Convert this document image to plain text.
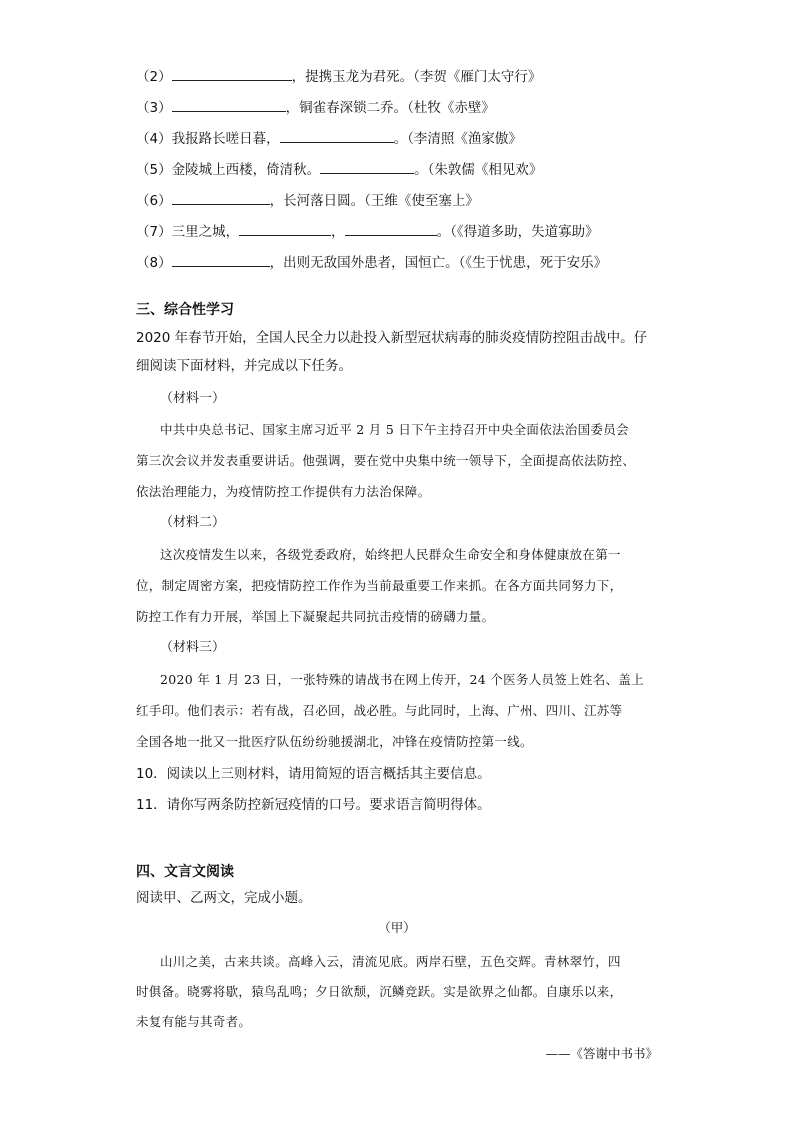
（2）	，提携玉龙为君死。（李贺《雁门太守行》
（3）	，铜雀春深锁二乔。（杜牧《赤壁》
（4）我报路长嗟日暮，	。（李清照《渔家傲》
（5）金陵城上西楼，倚清秋。	。（朱敦儒《相见欢》
（6）	，长河落日圆。（王维《使至塞上》
（7）三里之城，	，	。（《得道多助，失道寡助》
（8）	，出则无敌国外患者，国恒亡。（《生于忧患，死于安乐》
三、综合性学习
2020 年春节开始，全国人民全力以赴投入新型冠状病毒的肺炎疫情防控阻击战中。仔
细阅读下面材料，并完成以下任务。
（材料一）
中共中央总书记、国家主席习近平 2 月 5 日下午主持召开中央全面依法治国委员会
第三次会议并发表重要讲话。他强调，要在党中央集中统一领导下，全面提高依法防控、
依法治理能力，为疫情防控工作提供有力法治保障。
（材料二）
这次疫情发生以来，各级党委政府，始终把人民群众生命安全和身体健康放在第一
位，制定周密方案，把疫情防控工作作为当前最重要工作来抓。在各方面共同努力下，
防控工作有力开展，举国上下凝聚起共同抗击疫情的磅礴力量。
（材料三）
2020 年 1 月 23 日，一张特殊的请战书在网上传开，24 个医务人员签上姓名、盖上
红手印。他们表示：若有战，召必回，战必胜。与此同时，上海、广州、四川、江苏等
全国各地一批又一批医疗队伍纷纷驰援湖北，冲锋在疫情防控第一线。
10．阅读以上三则材料，请用简短的语言概括其主要信息。
11．请你写两条防控新冠疫情的口号。要求语言简明得体。
四、文言文阅读
阅读甲、乙两文，完成小题。
（甲）
山川之美，古来共谈。高峰入云，清流见底。两岸石壁，五色交辉。青林翠竹，四
时俱备。晓雾将歇，猿鸟乱鸣；夕日欲颓，沉鳞竞跃。实是欲界之仙都。自康乐以来，
未复有能与其奇者。
——《答谢中书书》
